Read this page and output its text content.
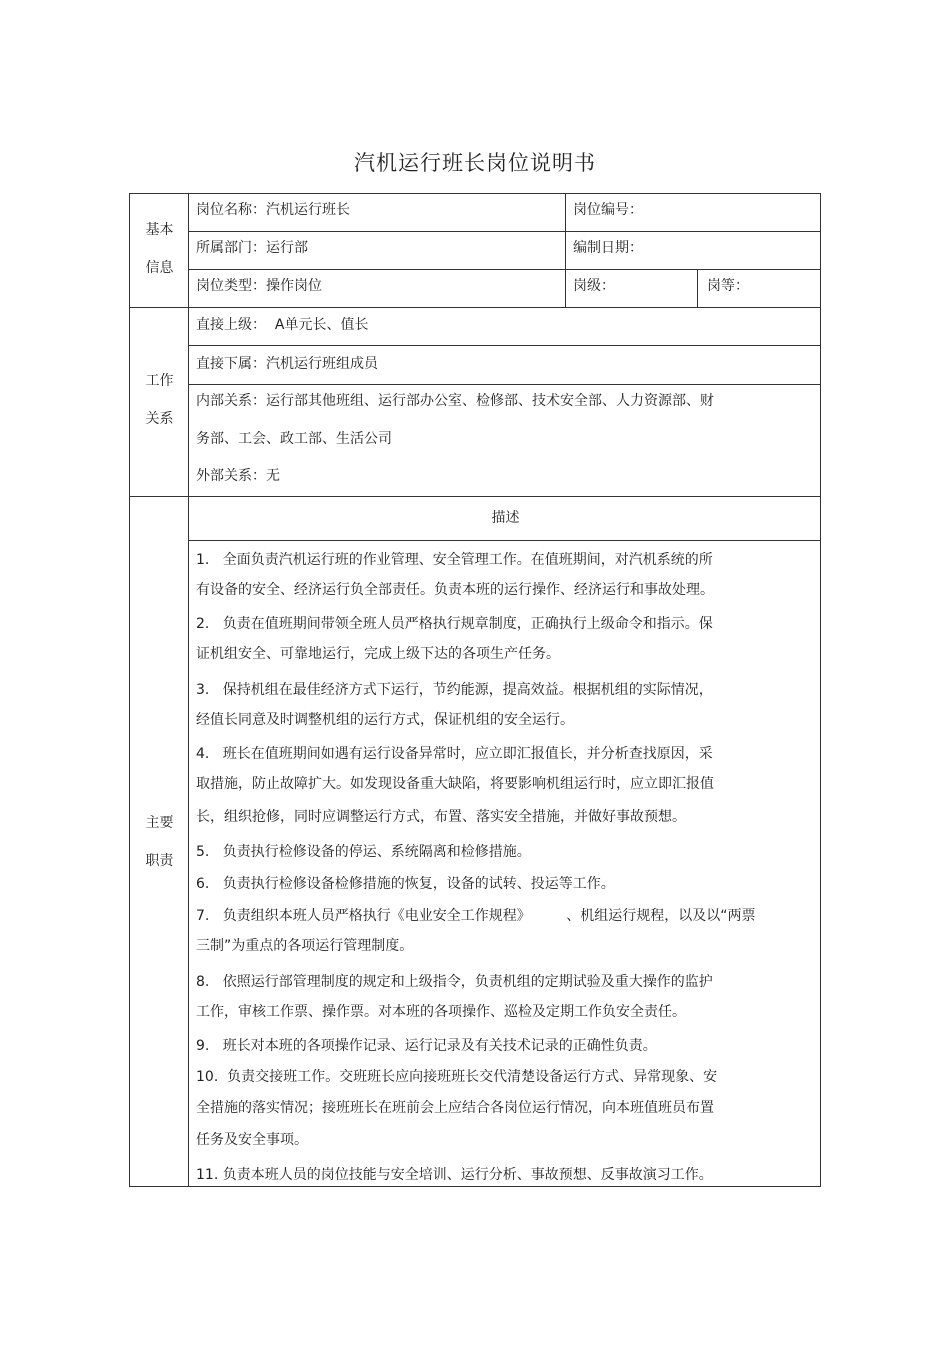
汽机运行班长岗位说明书
基本
信息
岗位名称：汽机运行班长	岗位编号：
所属部门：运行部	编制日期：
岗位类型：操作岗位	岗级：	岗等：
工作
关系
直接上级：  A单元长、值长
直接下属：汽机运行班组成员
内部关系：运行部其他班组、运行部办公室、检修部、技术安全部、人力资源部、财
务部、工会、政工部、生活公司
外部关系：无
主要
职责
描述
1.   全面负责汽机运行班的作业管理、安全管理工作。在值班期间，对汽机系统的所
有设备的安全、经济运行负全部责任。负责本班的运行操作、经济运行和事故处理。
2.   负责在值班期间带领全班人员严格执行规章制度，正确执行上级命令和指示。保
证机组安全、可靠地运行，完成上级下达的各项生产任务。
3.   保持机组在最佳经济方式下运行，节约能源，提高效益。根据机组的实际情况，
经值长同意及时调整机组的运行方式，保证机组的安全运行。
4.   班长在值班期间如遇有运行设备异常时，应立即汇报值长，并分析查找原因，采
取措施，防止故障扩大。如发现设备重大缺陷，将要影响机组运行时，应立即汇报值
长，组织抢修，同时应调整运行方式，布置、落实安全措施，并做好事故预想。
5.   负责执行检修设备的停运、系统隔离和检修措施。
6.   负责执行检修设备检修措施的恢复，设备的试转、投运等工作。
7.   负责组织本班人员严格执行《电业安全工作规程》        、机组运行规程，以及以“两票
三制”为重点的各项运行管理制度。
8.   依照运行部管理制度的规定和上级指令，负责机组的定期试验及重大操作的监护
工作，审核工作票、操作票。对本班的各项操作、巡检及定期工作负安全责任。
9.   班长对本班的各项操作记录、运行记录及有关技术记录的正确性负责。
10.  负责交接班工作。交班班长应向接班班长交代清楚设备运行方式、异常现象、安
全措施的落实情况；接班班长在班前会上应结合各岗位运行情况，向本班值班员布置
任务及安全事项。
11. 负责本班人员的岗位技能与安全培训、运行分析、事故预想、反事故演习工作。
